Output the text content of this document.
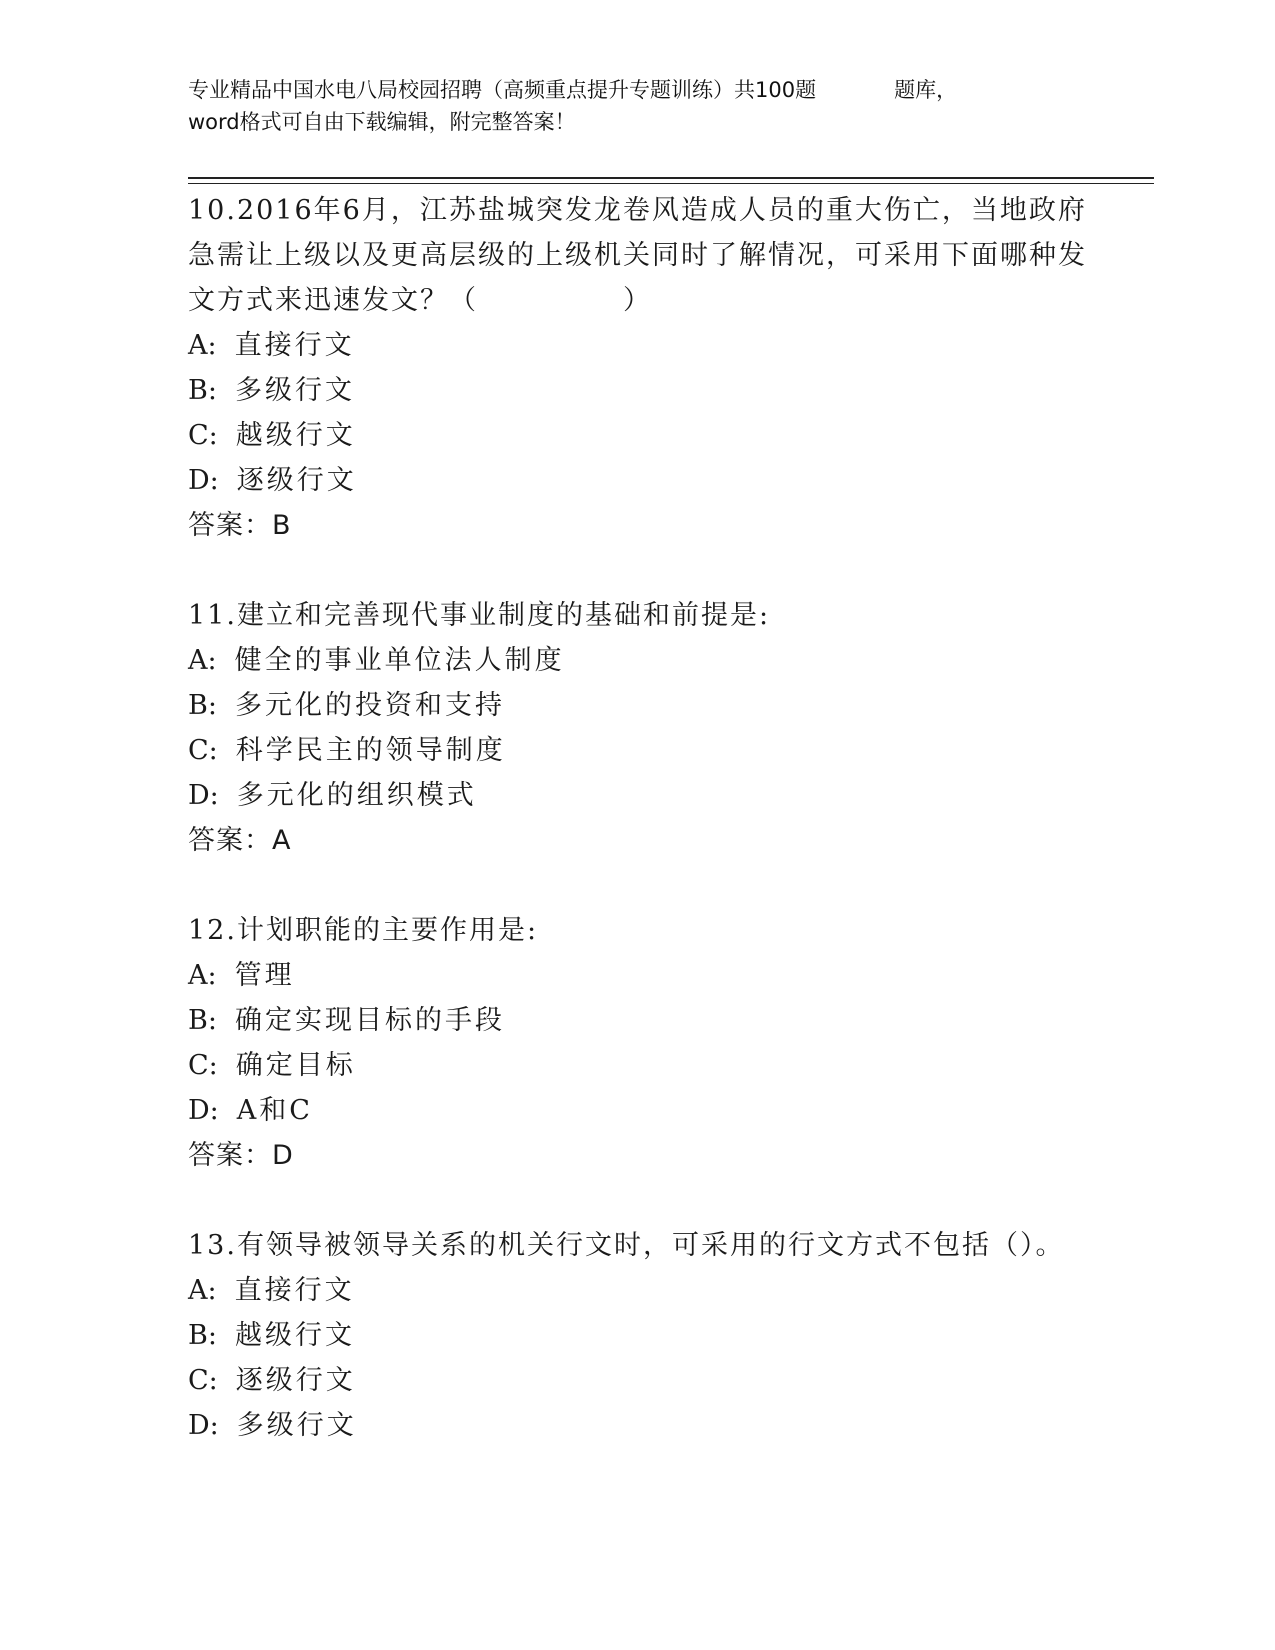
专业精品中国水电八局校园招聘（高频重点提升专题训练）共100题	题库，
word格式可自由下载编辑，附完整答案！

10.2016年6月，江苏盐城突发龙卷风造成人员的重大伤亡，当地政府急需让上级以及更高层级的上级机关同时了解情况，可采用下面哪种发文方式来迅速发文？（　　　　　）

A: 直接行文
B: 多级行文
C: 越级行文
D: 逐级行文
答案：B

11.建立和完善现代事业制度的基础和前提是:

A: 健全的事业单位法人制度
B: 多元化的投资和支持
C: 科学民主的领导制度
D: 多元化的组织模式
答案：A

12.计划职能的主要作用是:

A: 管理
B: 确定实现目标的手段
C: 确定目标
D: A和C
答案：D

13.有领导被领导关系的机关行文时，可采用的行文方式不包括（）。

A: 直接行文
B: 越级行文
C: 逐级行文
D: 多级行文
